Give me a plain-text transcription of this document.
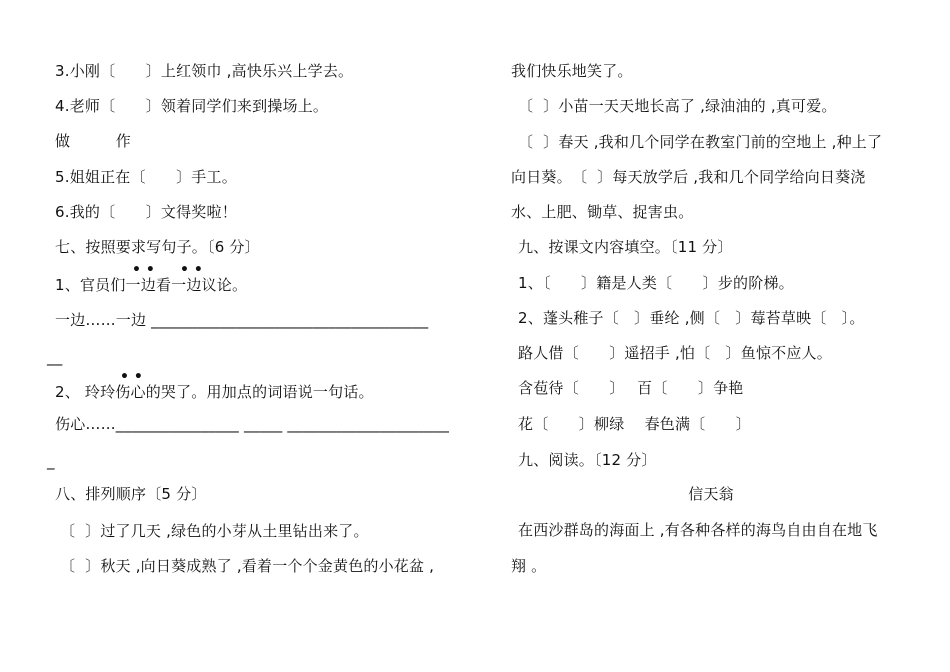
3.小刚〔　　〕上红领巾 ,高快乐兴上学去。
4.老师〔　　〕领着同学们来到操场上。
做　　　作
5.姐姐正在〔　　〕手工。
6.我的〔　　〕文得奖啦！
七、按照要求写句子。〔6 分〕
• • • •
1、官员们一边看一边议论。
一边……一边 ____________________________________
__
• •
2、 玲玲伤心的哭了。用加点的词语说一句话。
伤心……________________ _____ _____________________
_
八、排列顺序〔5 分〕
〔  〕过了几天 ,绿色的小芽从土里钻出来了。
〔  〕秋天 ,向日葵成熟了 ,看着一个个金黄色的小花盆 ,
我们快乐地笑了。
〔  〕小苗一天天地长高了 ,绿油油的 ,真可爱。
〔  〕春天 ,我和几个同学在教室门前的空地上 ,种上了
向日葵。　〔  〕每天放学后 ,我和几个同学给向日葵浇
水、上肥、锄草、捉害虫。
九、按课文内容填空。〔11 分〕
1、〔　　〕籍是人类〔　　〕步的阶梯。
2、蓬头稚子〔　〕垂纶 ,侧〔　〕莓苔草映〔　〕。
路人借〔　　〕遥招手 ,怕〔　〕鱼惊不应人。
含苞待〔　　〕　 百〔　　〕争艳
花〔　　〕柳绿　 春色满〔　　〕
九、阅读。〔12 分〕
信天翁
在西沙群岛的海面上 ,有各种各样的海鸟自由自在地飞
翔 。
